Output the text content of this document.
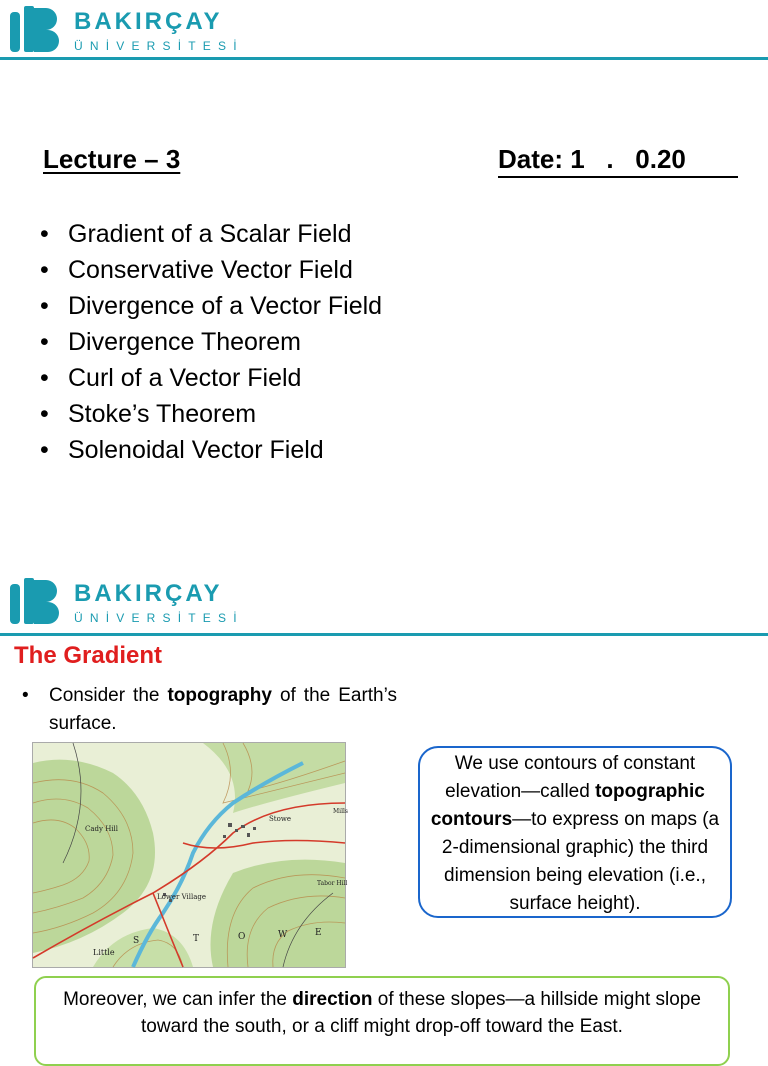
BAKIRÇAY
ÜNİVERSİTESİ
Lecture – 3	Date: 1   .   0.20
• Gradient of a Scalar Field
• Conservative Vector Field
• Divergence of a Vector Field
• Divergence Theorem
• Curl of a Vector Field
• Stoke’s Theorem
• Solenoidal Vector Field
BAKIRÇAY
ÜNİVERSİTESİ
The Gradient
• Consider the topography of the Earth’s surface.
Cady Hill
Lower Village
Stowe
Tabor Hill
Little
S	T	O	W	E
Mills
We use contours of constant elevation—called topographic contours—to express on maps (a 2-dimensional graphic) the third dimension being elevation (i.e., surface height).
Moreover, we can infer the direction of these slopes—a hillside might slope toward the south, or a cliff might drop-off toward the East.
